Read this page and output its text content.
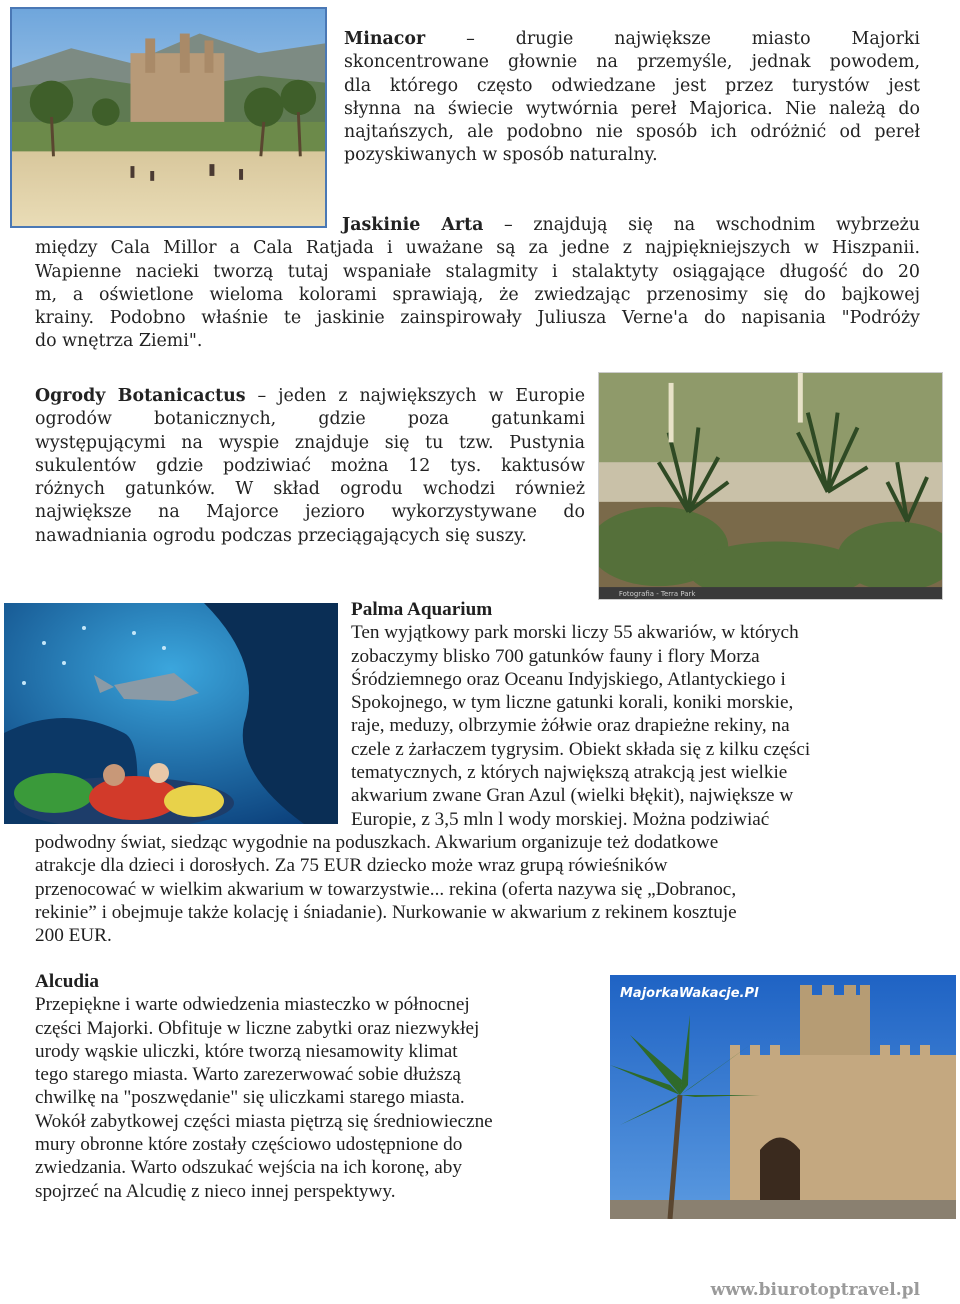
Minacor – drugie największe miasto Majorki
skoncentrowane głownie na przemyśle, jednak powodem,
dla którego często odwiedzane jest przez turystów jest
słynna na świecie wytwórnia pereł Majorica. Nie należą do
najtańszych, ale podobno nie sposób ich odróżnić od pereł
pozyskiwanych w sposób naturalny.
Jaskinie Arta – znajdują się na wschodnim wybrzeżu
między Cala Millor a Cala Ratjada i uważane są za jedne z najpiękniejszych w Hiszpanii.
Wapienne nacieki tworzą tutaj wspaniałe stalagmity i stalaktyty osiągające długość do 20
m, a oświetlone wieloma kolorami sprawiają, że zwiedzając przenosimy się do bajkowej
krainy. Podobno właśnie te jaskinie zainspirowały Juliusza Verne'a do napisania "Podróży
do wnętrza Ziemi".
Ogrody Botanicactus – jeden z największych w Europie
ogrodów botanicznych, gdzie poza gatunkami
występującymi na wyspie znajduje się tu tzw. Pustynia
sukulentów gdzie podziwiać można 12 tys. kaktusów
różnych gatunków. W skład ogrodu wchodzi również
największe na Majorce jezioro wykorzystywane do
nawadniania ogrodu podczas przeciągających się suszy.
Fotografia - Terra Park
Palma Aquarium
Ten wyjątkowy park morski liczy 55 akwariów, w których
zobaczymy blisko 700 gatunków fauny i flory Morza
Śródziemnego oraz Oceanu Indyjskiego, Atlantyckiego i
Spokojnego, w tym liczne gatunki korali, koniki morskie,
raje, meduzy, olbrzymie żółwie oraz drapieżne rekiny, na
czele z żarłaczem tygrysim. Obiekt składa się z kilku części
tematycznych, z których największą atrakcją jest wielkie
akwarium zwane Gran Azul (wielki błękit), największe w
Europie, z 3,5 mln l wody morskiej. Można podziwiać
podwodny świat, siedząc wygodnie na poduszkach. Akwarium organizuje też dodatkowe
atrakcje dla dzieci i dorosłych. Za 75 EUR dziecko może wraz grupą rówieśników
przenocować w wielkim akwarium w towarzystwie... rekina (oferta nazywa się „Dobranoc,
rekinie” i obejmuje także kolację i śniadanie). Nurkowanie w akwarium z rekinem kosztuje
200 EUR.
Alcudia
Przepiękne i warte odwiedzenia miasteczko w północnej
części Majorki. Obfituje w liczne zabytki oraz niezwykłej
urody wąskie uliczki, które tworzą niesamowity klimat
tego starego miasta. Warto zarezerwować sobie dłuższą
chwilkę na "poszwędanie" się uliczkami starego miasta.
Wokół zabytkowej części miasta piętrzą się średniowieczne
mury obronne które zostały częściowo udostępnione do
zwiedzania. Warto odszukać wejścia na ich koronę, aby
spojrzeć na Alcudię z nieco innej perspektywy.
MajorkaWakacje.Pl
www.biurotoptravel.pl
